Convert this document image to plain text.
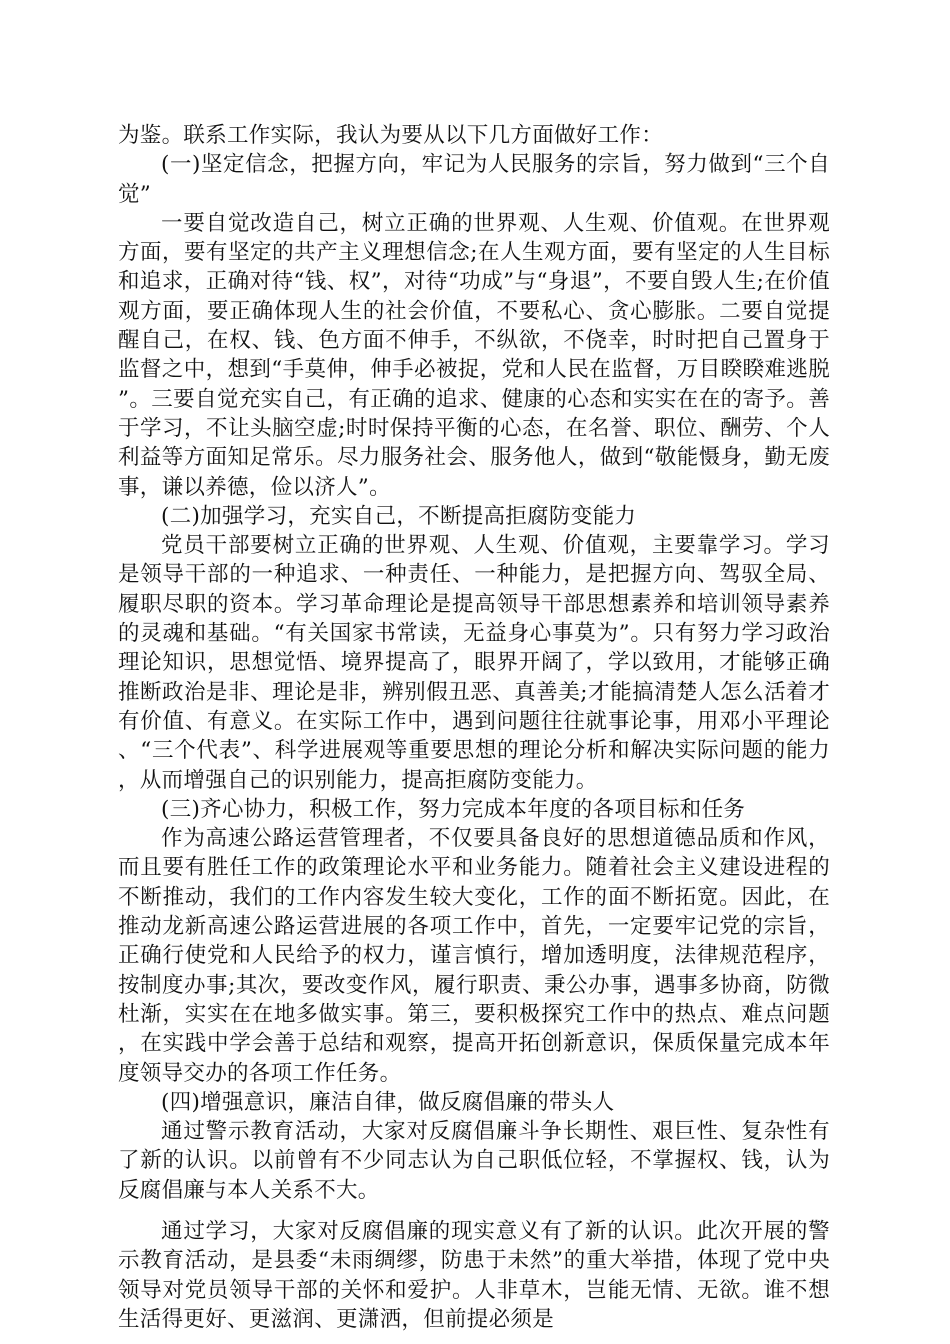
为鉴。联系工作实际，我认为要从以下几方面做好工作：

(一)坚定信念，把握方向，牢记为人民服务的宗旨，努力做到“三个自觉”

一要自觉改造自己，树立正确的世界观、人生观、价值观。在世界观方面，要有坚定的共产主义理想信念;在人生观方面，要有坚定的人生目标和追求，正确对待“钱、权”，对待“功成”与“身退”，不要自毁人生;在价值观方面，要正确体现人生的社会价值，不要私心、贪心膨胀。二要自觉提醒自己，在权、钱、色方面不伸手，不纵欲，不侥幸，时时把自己置身于监督之中，想到“手莫伸，伸手必被捉，党和人民在监督，万目睽睽难逃脱”。三要自觉充实自己，有正确的追求、健康的心态和实实在在的寄予。善于学习，不让头脑空虚;时时保持平衡的心态，在名誉、职位、酬劳、个人利益等方面知足常乐。尽力服务社会、服务他人，做到“敬能慑身，勤无废事，谦以养德，俭以济人”。

(二)加强学习，充实自己，不断提高拒腐防变能力

党员干部要树立正确的世界观、人生观、价值观，主要靠学习。学习是领导干部的一种追求、一种责任、一种能力，是把握方向、驾驭全局、履职尽职的资本。学习革命理论是提高领导干部思想素养和培训领导素养的灵魂和基础。“有关国家书常读，无益身心事莫为”。只有努力学习政治理论知识，思想觉悟、境界提高了，眼界开阔了，学以致用，才能够正确推断政治是非、理论是非，辨别假丑恶、真善美;才能搞清楚人怎么活着才有价值、有意义。在实际工作中，遇到问题往往就事论事，用邓小平理论、“三个代表”、科学进展观等重要思想的理论分析和解决实际问题的能力，从而增强自己的识别能力，提高拒腐防变能力。

(三)齐心协力，积极工作，努力完成本年度的各项目标和任务

作为高速公路运营管理者，不仅要具备良好的思想道德品质和作风，而且要有胜任工作的政策理论水平和业务能力。随着社会主义建设进程的不断推动，我们的工作内容发生较大变化，工作的面不断拓宽。因此，在推动龙新高速公路运营进展的各项工作中，首先，一定要牢记党的宗旨，正确行使党和人民给予的权力，谨言慎行，增加透明度，法律规范程序，按制度办事;其次，要改变作风，履行职责、秉公办事，遇事多协商，防微杜渐，实实在在地多做实事。第三，要积极探究工作中的热点、难点问题，在实践中学会善于总结和观察，提高开拓创新意识，保质保量完成本年度领导交办的各项工作任务。

(四)增强意识，廉洁自律，做反腐倡廉的带头人

通过警示教育活动，大家对反腐倡廉斗争长期性、艰巨性、复杂性有了新的认识。以前曾有不少同志认为自己职低位轻，不掌握权、钱，认为反腐倡廉与本人关系不大。

通过学习，大家对反腐倡廉的现实意义有了新的认识。此次开展的警示教育活动，是县委“未雨绸缪，防患于未然”的重大举措，体现了党中央领导对党员领导干部的关怀和爱护。人非草木，岂能无情、无欲。谁不想生活得更好、更滋润、更潇洒，但前提必须是
